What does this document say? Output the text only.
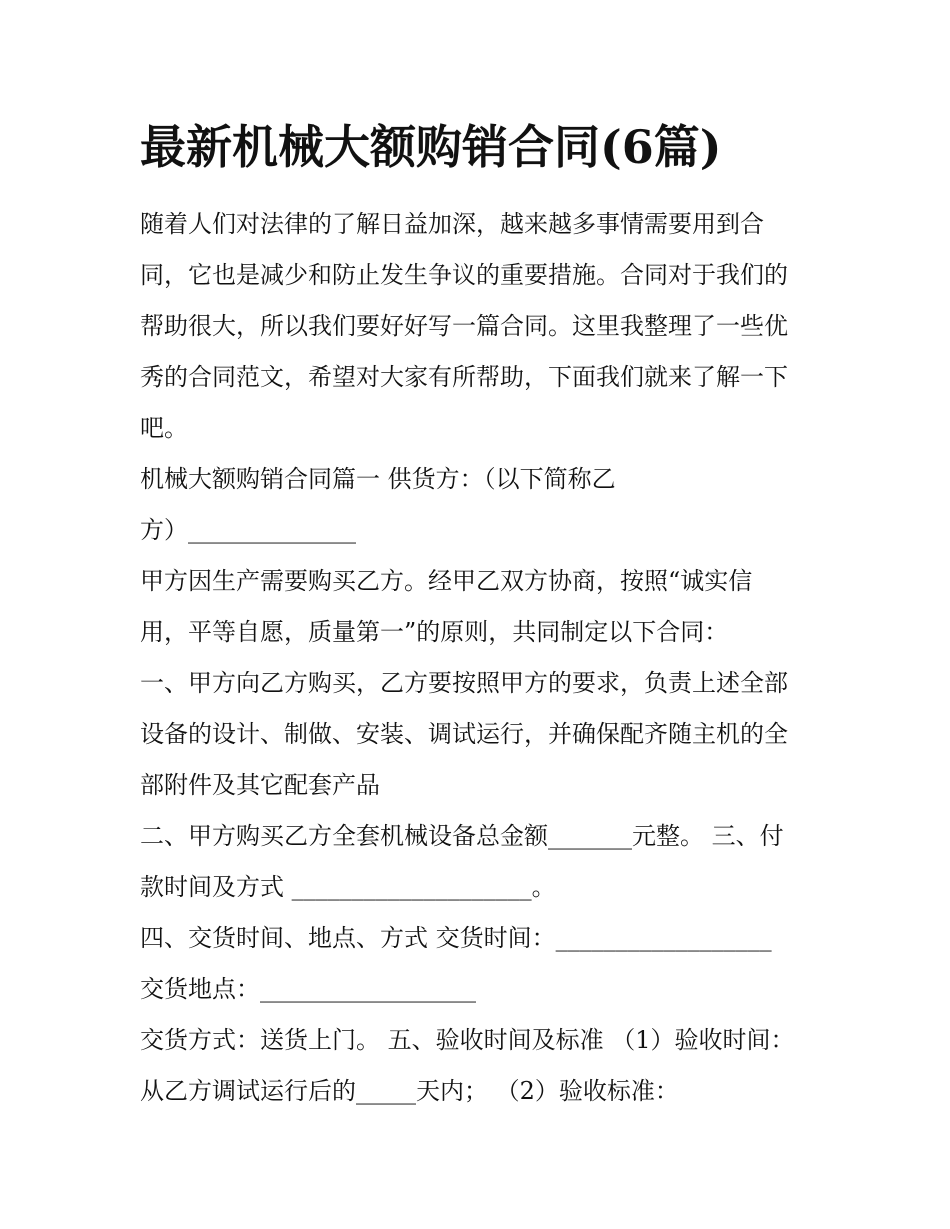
最新机械大额购销合同(6篇)
随着人们对法律的了解日益加深，越来越多事情需要用到合
同，它也是减少和防止发生争议的重要措施。合同对于我们的
帮助很大，所以我们要好好写一篇合同。这里我整理了一些优
秀的合同范文，希望对大家有所帮助，下面我们就来了解一下
吧。
机械大额购销合同篇一 供货方：（以下简称乙
方）______________
甲方因生产需要购买乙方。经甲乙双方协商，按照“诚实信
用，平等自愿，质量第一”的原则，共同制定以下合同：
一、甲方向乙方购买，乙方要按照甲方的要求，负责上述全部
设备的设计、制做、安装、调试运行，并确保配齐随主机的全
部附件及其它配套产品
二、甲方购买乙方全套机械设备总金额_______元整。 三、付
款时间及方式 ____________________。
四、交货时间、地点、方式 交货时间：__________________
交货地点：__________________
交货方式：送货上门。 五、验收时间及标准 （1）验收时间：
从乙方调试运行后的_____天内； （2）验收标准：
